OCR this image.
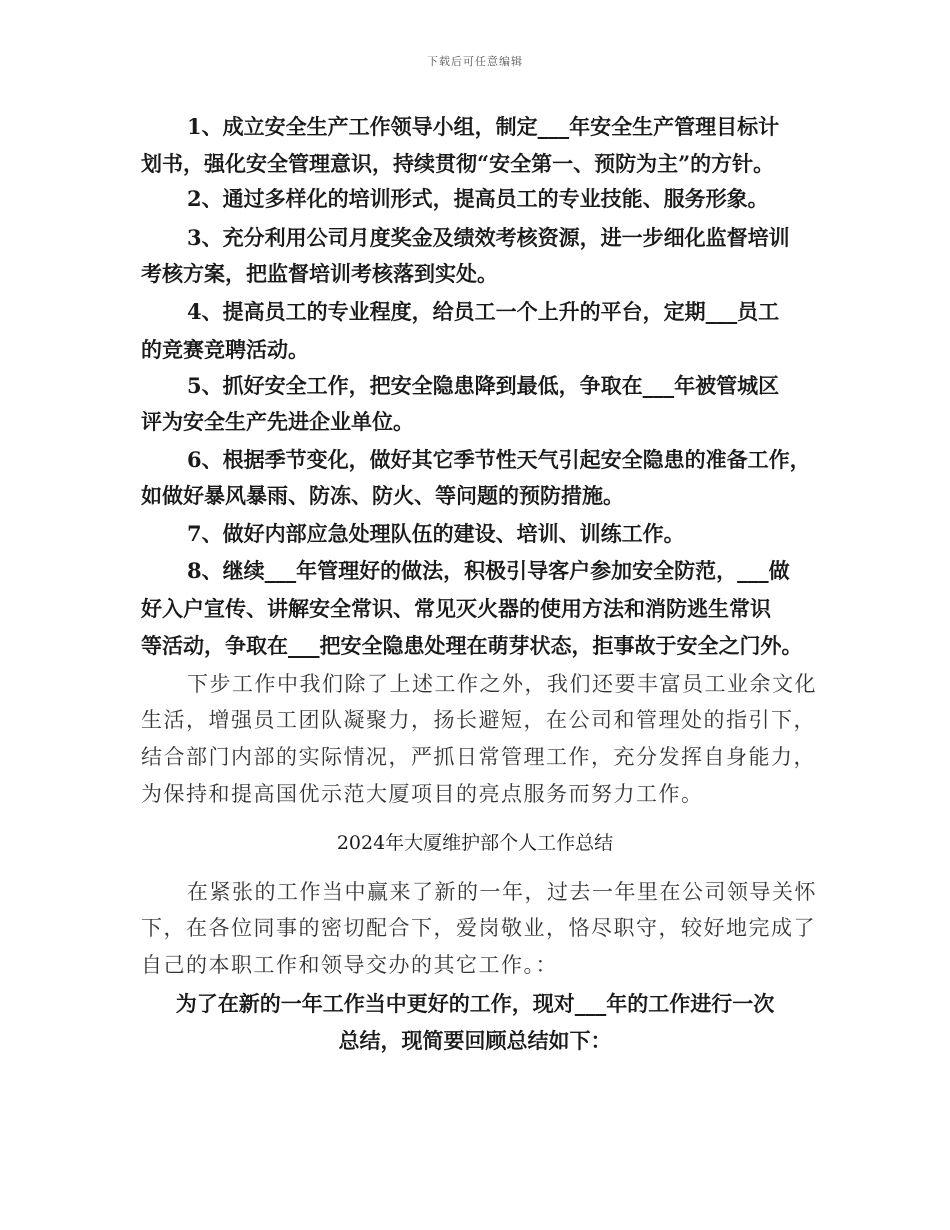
下载后可任意编辑
1、成立安全生产工作领导小组，制定___年安全生产管理目标计
划书，强化安全管理意识，持续贯彻“安全第一、预防为主”的方针。
2、通过多样化的培训形式，提高员工的专业技能、服务形象。
3、充分利用公司月度奖金及绩效考核资源，进一步细化监督培训
考核方案，把监督培训考核落到实处。
4、提高员工的专业程度，给员工一个上升的平台，定期___员工
的竞赛竞聘活动。
5、抓好安全工作，把安全隐患降到最低，争取在___年被管城区
评为安全生产先进企业单位。
6、根据季节变化，做好其它季节性天气引起安全隐患的准备工作，
如做好暴风暴雨、防冻、防火、等问题的预防措施。
7、做好内部应急处理队伍的建设、培训、训练工作。
8、继续___年管理好的做法，积极引导客户参加安全防范，___做
好入户宣传、讲解安全常识、常见灭火器的使用方法和消防逃生常识
等活动，争取在___把安全隐患处理在萌芽状态，拒事故于安全之门外。
下步工作中我们除了上述工作之外，我们还要丰富员工业余文化
生活，增强员工团队凝聚力，扬长避短，在公司和管理处的指引下，
结合部门内部的实际情况，严抓日常管理工作，充分发挥自身能力，
为保持和提高国优示范大厦项目的亮点服务而努力工作。
2024年大厦维护部个人工作总结
在紧张的工作当中赢来了新的一年，过去一年里在公司领导关怀
下，在各位同事的密切配合下，爱岗敬业，恪尽职守，较好地完成了
自己的本职工作和领导交办的其它工作。：
为了在新的一年工作当中更好的工作，现对___年的工作进行一次
总结，现简要回顾总结如下：
